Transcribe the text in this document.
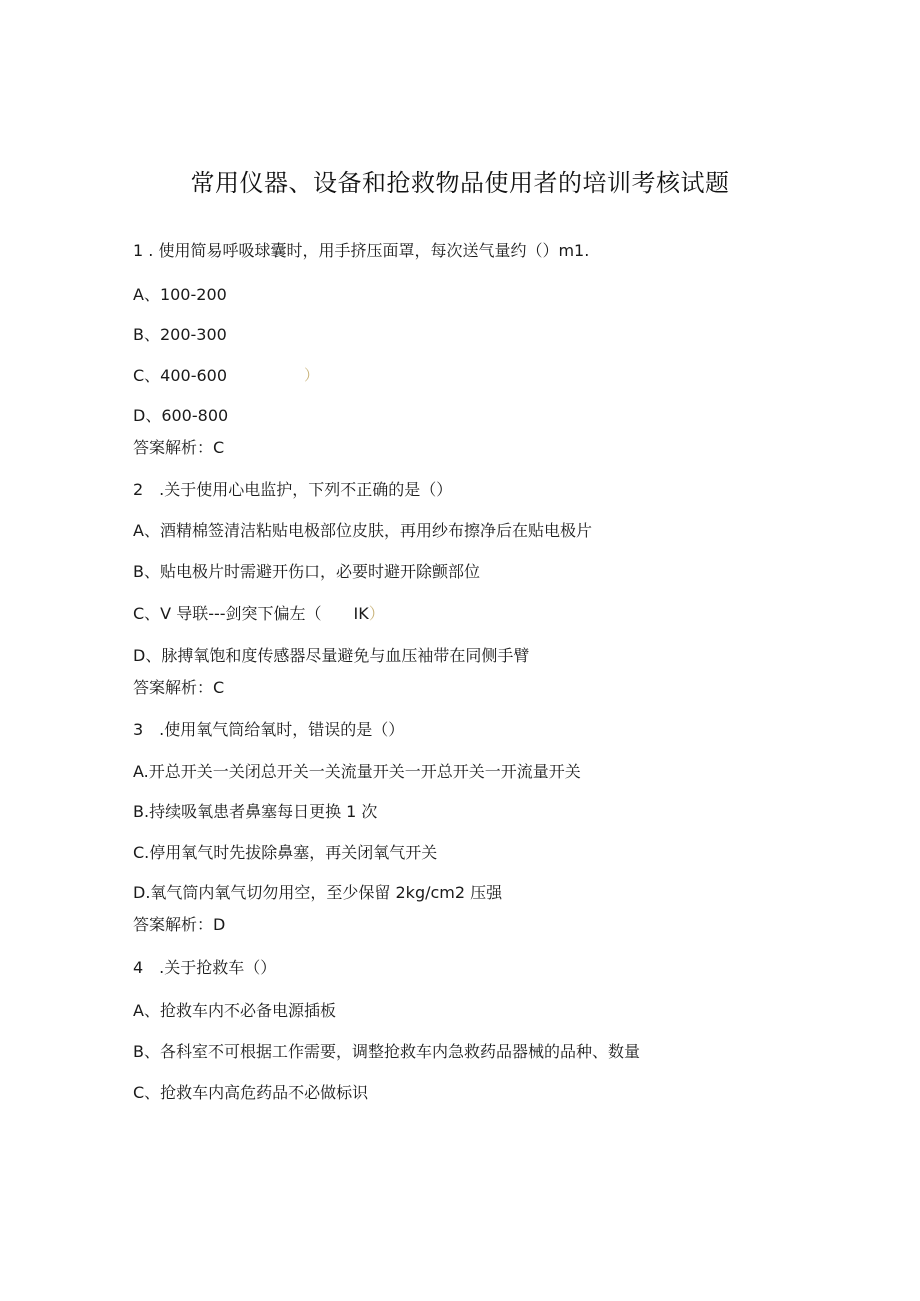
常用仪器、设备和抢救物品使用者的培训考核试题
1 . 使用简易呼吸球囊时，用手挤压面罩，每次送气量约（）m1.
A、100-200
B、200-300
C、400-600	）
D、600-800
答案解析：C
2　.关于使用心电监护，下列不正确的是（）
A、酒精棉签清洁粘贴电极部位皮肤，再用纱布擦净后在贴电极片
B、贴电极片时需避开伤口，必要时避开除颤部位
C、V 导联---剑突下偏左（　　IK）
D、脉搏氧饱和度传感器尽量避免与血压袖带在同侧手臂
答案解析：C
3　.使用氧气筒给氧时，错误的是（）
A.开总开关一关闭总开关一关流量开关一开总开关一开流量开关
B.持续吸氧患者鼻塞每日更换 1 次
C.停用氧气时先拔除鼻塞，再关闭氧气开关
D.氧气筒内氧气切勿用空，至少保留 2kg∕cm2 压强
答案解析：D
4　.关于抢救车（）
A、抢救车内不必备电源插板
B、各科室不可根据工作需要，调整抢救车内急救药品器械的品种、数量
C、抢救车内高危药品不必做标识
